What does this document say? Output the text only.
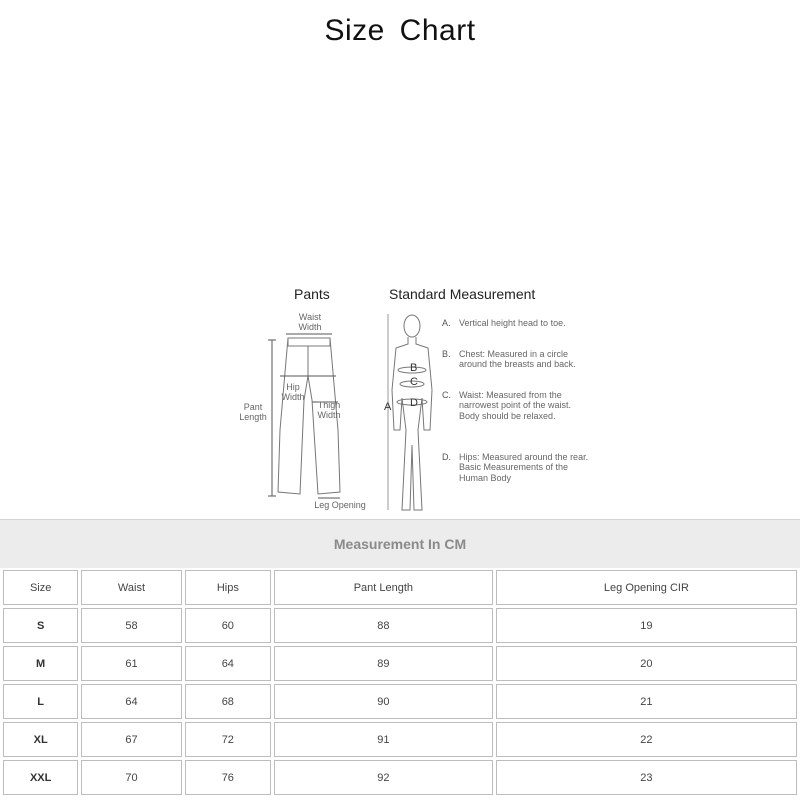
Size Chart
Pants	Standard Measurement
Waist
Width
Hip
Width
Thigh
Width
Pant
Length
Leg Opening
A
B
C
D
A. Vertical height head to toe.
B. Chest: Measured in a circle around the breasts and back.
C. Waist: Measured from the narrowest point of the waist. Body should be relaxed.
D. Hips: Measured around the rear. Basic Measurements of the Human Body
Measurement In CM
Size	Waist	Hips	Pant Length	Leg Opening CIR
S	58	60	88	19
M	61	64	89	20
L	64	68	90	21
XL	67	72	91	22
XXL	70	76	92	23
